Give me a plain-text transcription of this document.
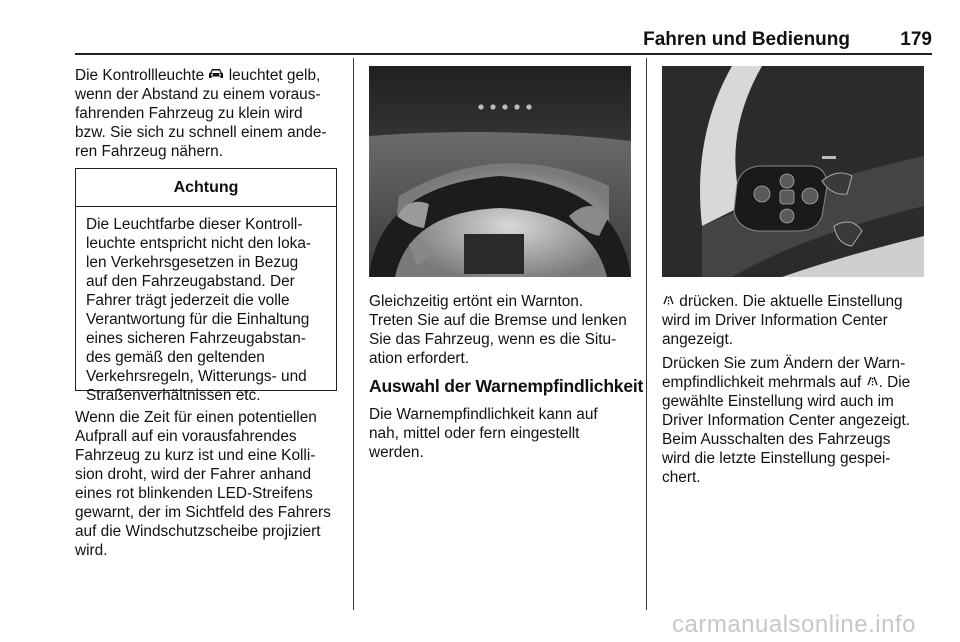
Fahren und Bedienung	179

Die Kontrollleuchte leuchtet gelb,
wenn der Abstand zu einem voraus-
fahrenden Fahrzeug zu klein wird
bzw. Sie sich zu schnell einem ande-
ren Fahrzeug nähern.

Achtung
Die Leuchtfarbe dieser Kontroll-
leuchte entspricht nicht den loka-
len Verkehrsgesetzen in Bezug
auf den Fahrzeugabstand. Der
Fahrer trägt jederzeit die volle
Verantwortung für die Einhaltung
eines sicheren Fahrzeugabstan-
des gemäß den geltenden
Verkehrsregeln, Witterungs- und
Straßenverhältnissen etc.

Wenn die Zeit für einen potentiellen
Aufprall auf ein vorausfahrendes
Fahrzeug zu kurz ist und eine Kolli-
sion droht, wird der Fahrer anhand
eines rot blinkenden LED-Streifens
gewarnt, der im Sichtfeld des Fahrers
auf die Windschutzscheibe projiziert
wird.

Gleichzeitig ertönt ein Warnton.
Treten Sie auf die Bremse und lenken
Sie das Fahrzeug, wenn es die Situ-
ation erfordert.

Auswahl der Warnempfindlichkeit

Die Warnempfindlichkeit kann auf
nah, mittel oder fern eingestellt
werden.

drücken. Die aktuelle Einstellung
wird im Driver Information Center
angezeigt.

Drücken Sie zum Ändern der Warn-
empfindlichkeit mehrmals auf . Die
gewählte Einstellung wird auch im
Driver Information Center angezeigt.
Beim Ausschalten des Fahrzeugs
wird die letzte Einstellung gespei-
chert.

carmanualsonline.info
